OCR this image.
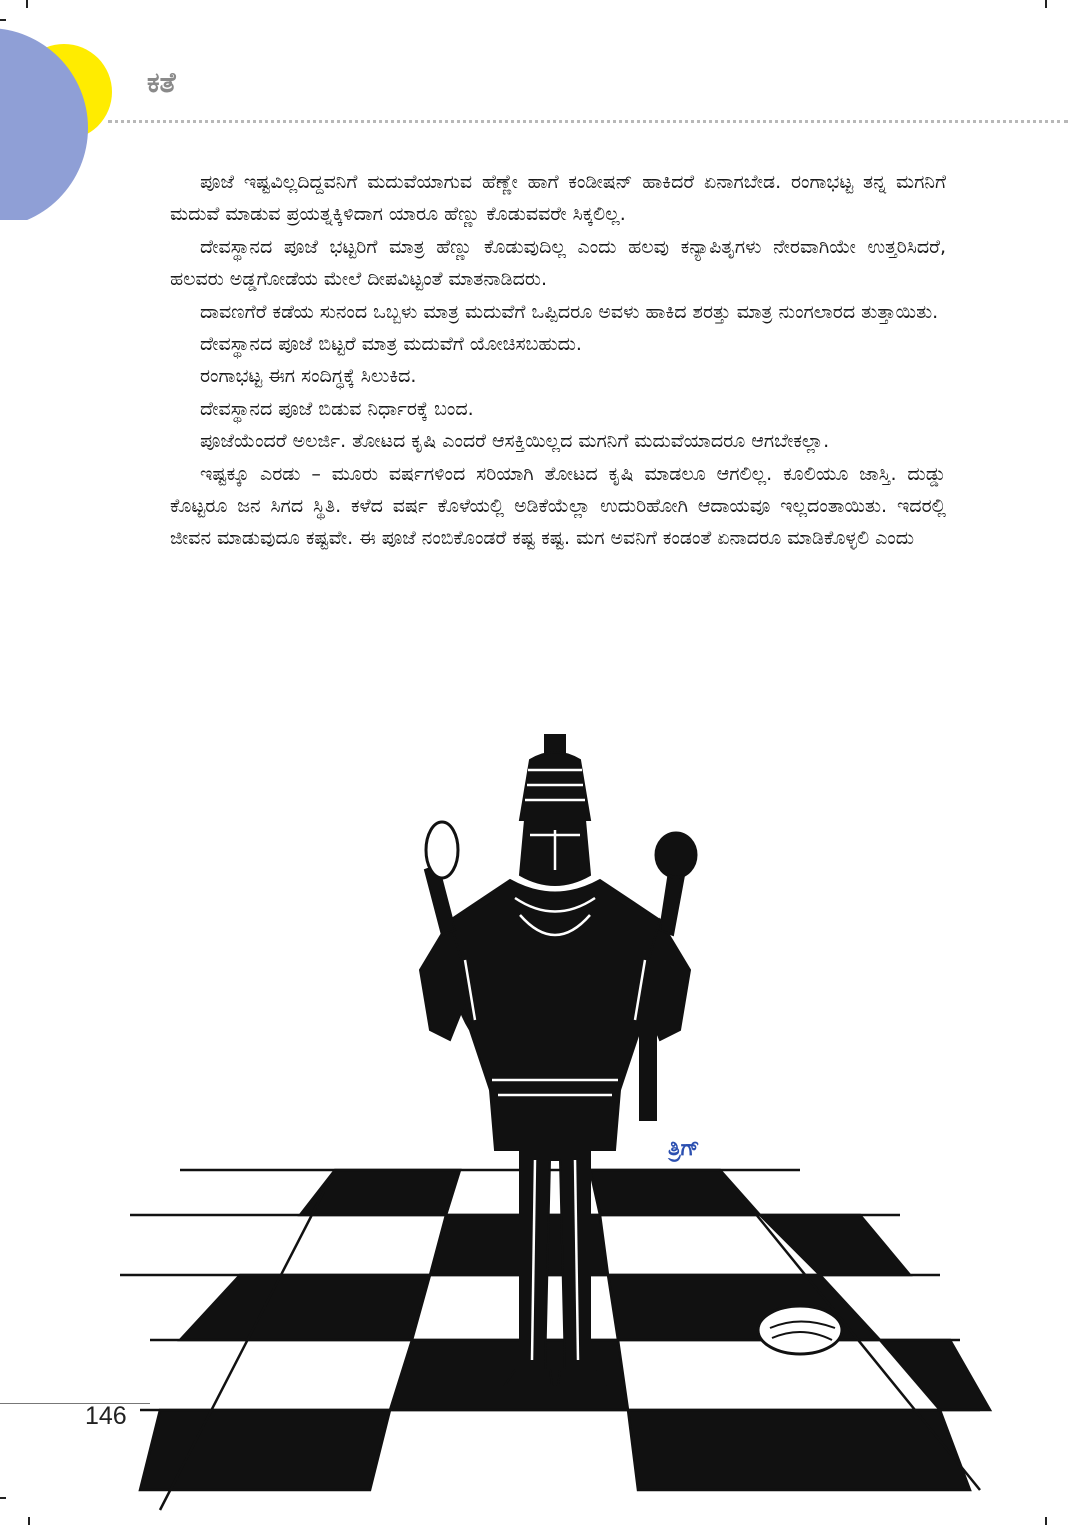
ಕತೆ

ಪೂಜೆ ಇಷ್ಟವಿಲ್ಲದಿದ್ದವನಿಗೆ ಮದುವೆಯಾಗುವ ಹೆಣ್ಣೇ ಹಾಗೆ ಕಂಡೀಷನ್ ಹಾಕಿದರೆ ಏನಾಗಬೇಡ. ರಂಗಾಭಟ್ಟ ತನ್ನ ಮಗನಿಗೆ ಮದುವೆ ಮಾಡುವ ಪ್ರಯತ್ನಕ್ಕಿಳಿದಾಗ ಯಾರೂ ಹೆಣ್ಣು ಕೊಡುವವರೇ ಸಿಕ್ಕಲಿಲ್ಲ.

ದೇವಸ್ಥಾನದ ಪೂಜೆ ಭಟ್ಟರಿಗೆ ಮಾತ್ರ ಹೆಣ್ಣು ಕೊಡುವುದಿಲ್ಲ ಎಂದು ಹಲವು ಕನ್ಯಾಪಿತೃಗಳು ನೇರವಾಗಿಯೇ ಉತ್ತರಿಸಿದರೆ, ಹಲವರು ಅಡ್ಡಗೋಡೆಯ ಮೇಲೆ ದೀಪವಿಟ್ಟಂತೆ ಮಾತನಾಡಿದರು.

ದಾವಣಗೆರೆ ಕಡೆಯ ಸುನಂದ ಒಬ್ಬಳು ಮಾತ್ರ ಮದುವೆಗೆ ಒಪ್ಪಿದರೂ ಅವಳು ಹಾಕಿದ ಶರತ್ತು ಮಾತ್ರ ನುಂಗಲಾರದ ತುತ್ತಾಯಿತು.

ದೇವಸ್ಥಾನದ ಪೂಜೆ ಬಿಟ್ಟರೆ ಮಾತ್ರ ಮದುವೆಗೆ ಯೋಚಿಸಬಹುದು.

ರಂಗಾಭಟ್ಟ ಈಗ ಸಂದಿಗ್ಧಕ್ಕೆ ಸಿಲುಕಿದ.

ದೇವಸ್ಥಾನದ ಪೂಜೆ ಬಿಡುವ ನಿರ್ಧಾರಕ್ಕೆ ಬಂದ.

ಪೂಜೆಯೆಂದರೆ ಅಲರ್ಜಿ. ತೋಟದ ಕೃಷಿ ಎಂದರೆ ಆಸಕ್ತಿಯಿಲ್ಲದ ಮಗನಿಗೆ ಮದುವೆಯಾದರೂ ಆಗಬೇಕಲ್ಲಾ.

ಇಷ್ಟಕ್ಕೂ ಎರಡು – ಮೂರು ವರ್ಷಗಳಿಂದ ಸರಿಯಾಗಿ ತೋಟದ ಕೃಷಿ ಮಾಡಲೂ ಆಗಲಿಲ್ಲ. ಕೂಲಿಯೂ ಜಾಸ್ತಿ. ದುಡ್ಡು ಕೊಟ್ಟರೂ ಜನ ಸಿಗದ ಸ್ಥಿತಿ. ಕಳೆದ ವರ್ಷ ಕೊಳೆಯಲ್ಲಿ ಅಡಿಕೆಯೆಲ್ಲಾ ಉದುರಿಹೋಗಿ ಆದಾಯವೂ ಇಲ್ಲದಂತಾಯಿತು. ಇದರಲ್ಲಿ ಜೀವನ ಮಾಡುವುದೂ ಕಷ್ಟವೇ. ಈ ಪೂಜೆ ನಂಬಿಕೊಂಡರೆ ಕಷ್ಟ ಕಷ್ಟ. ಮಗ ಅವನಿಗೆ ಕಂಡಂತೆ ಏನಾದರೂ ಮಾಡಿಕೊಳ್ಳಲಿ ಎಂದು

ತ್ರಿಗ್
146
